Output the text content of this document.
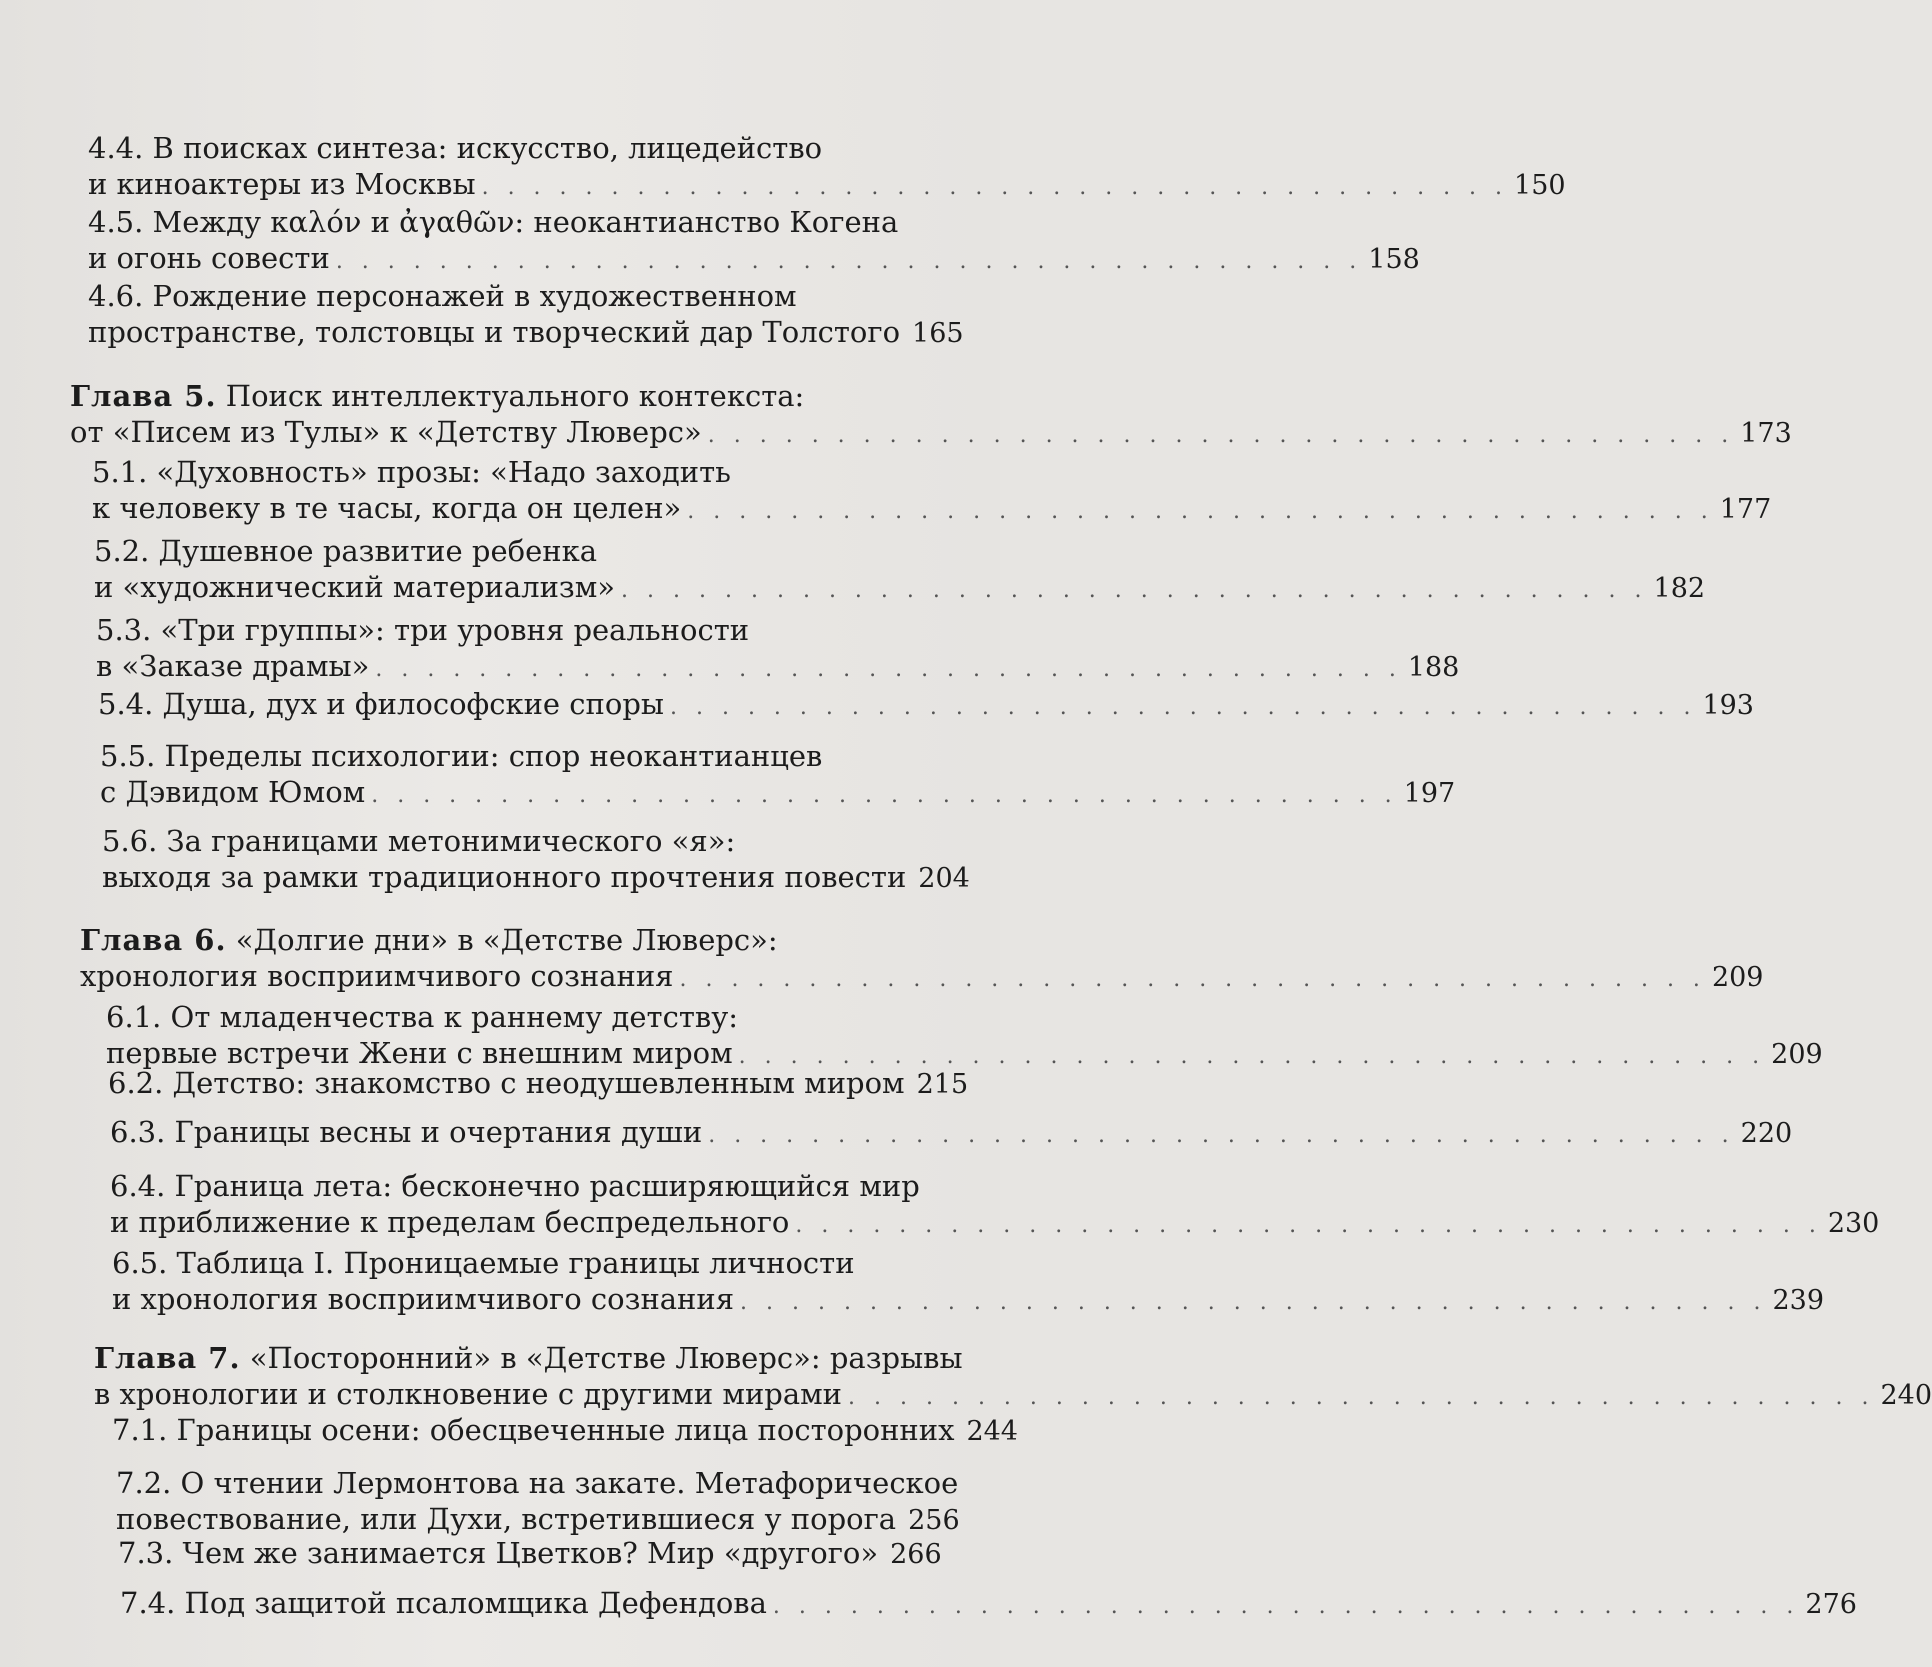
4.4. В поисках синтеза: искусство, лицедейство
и киноактеры из Москвы . . . . . . . . . . . . . . . . . . . . . . . . . . . . . . . . . . . . . . . . 150
4.5. Между καλόν и ἀγαθῶν: неокантианство Когена
и огонь совести . . . . . . . . . . . . . . . . . . . . . . . . . . . . . . . . . . . . . . . . 158
4.6. Рождение персонажей в художественном
пространстве, толстовцы и творческий дар Толстого 165
Глава 5. Поиск интеллектуального контекста:
от «Писем из Тулы» к «Детству Люверс» . . . . . . . . . . . . . . . . . . . . . . . . . . . . . . . . . . . . . . . . 173
5.1. «Духовность» прозы: «Надо заходить
к человеку в те часы, когда он целен» . . . . . . . . . . . . . . . . . . . . . . . . . . . . . . . . . . . . . . . . 177
5.2. Душевное развитие ребенка
и «художнический материализм» . . . . . . . . . . . . . . . . . . . . . . . . . . . . . . . . . . . . . . . . 182
5.3. «Три группы»: три уровня реальности
в «Заказе драмы» . . . . . . . . . . . . . . . . . . . . . . . . . . . . . . . . . . . . . . . . 188
5.4. Душа, дух и философские споры . . . . . . . . . . . . . . . . . . . . . . . . . . . . . . . . . . . . . . . . 193
5.5. Пределы психологии: спор неокантианцев
с Дэвидом Юмом . . . . . . . . . . . . . . . . . . . . . . . . . . . . . . . . . . . . . . . . 197
5.6. За границами метонимического «я»:
выходя за рамки традиционного прочтения повести 204
Глава 6. «Долгие дни» в «Детстве Люверс»:
хронология восприимчивого сознания . . . . . . . . . . . . . . . . . . . . . . . . . . . . . . . . . . . . . . . . 209
6.1. От младенчества к раннему детству:
первые встречи Жени с внешним миром . . . . . . . . . . . . . . . . . . . . . . . . . . . . . . . . . . . . . . . . 209
6.2. Детство: знакомство с неодушевленным миром 215
6.3. Границы весны и очертания души . . . . . . . . . . . . . . . . . . . . . . . . . . . . . . . . . . . . . . . . 220
6.4. Граница лета: бесконечно расширяющийся мир
и приближение к пределам беспредельного . . . . . . . . . . . . . . . . . . . . . . . . . . . . . . . . . . . . . . . . 230
6.5. Таблица I. Проницаемые границы личности
и хронология восприимчивого сознания . . . . . . . . . . . . . . . . . . . . . . . . . . . . . . . . . . . . . . . . 239
Глава 7. «Посторонний» в «Детстве Люверс»: разрывы
в хронологии и столкновение с другими мирами . . . . . . . . . . . . . . . . . . . . . . . . . . . . . . . . . . . . . . . . 240
7.1. Границы осени: обесцвеченные лица посторонних 244
7.2. О чтении Лермонтова на закате. Метафорическое
повествование, или Духи, встретившиеся у порога 256
7.3. Чем же занимается Цветков? Мир «другого» 266
7.4. Под защитой псаломщика Дефендова . . . . . . . . . . . . . . . . . . . . . . . . . . . . . . . . . . . . . . . . 276
